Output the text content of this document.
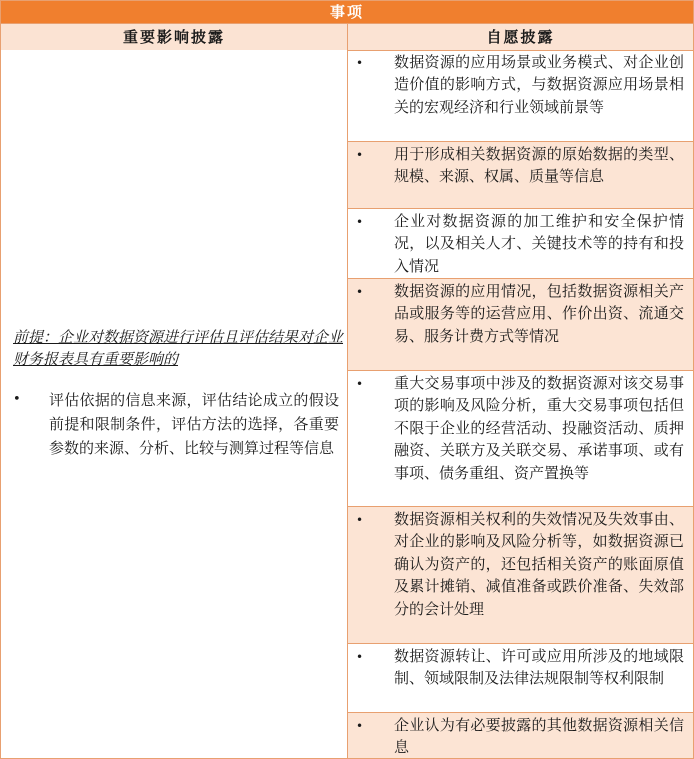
事项
重要影响披露	自愿披露
前提：企业对数据资源进行评估且评估结果对企业财务报表具有重要影响的
• 评估依据的信息来源，评估结论成立的假设前提和限制条件，评估方法的选择，各重要参数的来源、分析、比较与测算过程等信息
• 数据资源的应用场景或业务模式、对企业创造价值的影响方式，与数据资源应用场景相关的宏观经济和行业领域前景等
• 用于形成相关数据资源的原始数据的类型、规模、来源、权属、质量等信息
• 企业对数据资源的加工维护和安全保护情况，以及相关人才、关键技术等的持有和投入情况
• 数据资源的应用情况，包括数据资源相关产品或服务等的运营应用、作价出资、流通交易、服务计费方式等情况
• 重大交易事项中涉及的数据资源对该交易事项的影响及风险分析，重大交易事项包括但不限于企业的经营活动、投融资活动、质押融资、关联方及关联交易、承诺事项、或有事项、债务重组、资产置换等
• 数据资源相关权利的失效情况及失效事由、对企业的影响及风险分析等，如数据资源已确认为资产的，还包括相关资产的账面原值及累计摊销、减值准备或跌价准备、失效部分的会计处理
• 数据资源转让、许可或应用所涉及的地域限制、领域限制及法律法规限制等权利限制
• 企业认为有必要披露的其他数据资源相关信息
